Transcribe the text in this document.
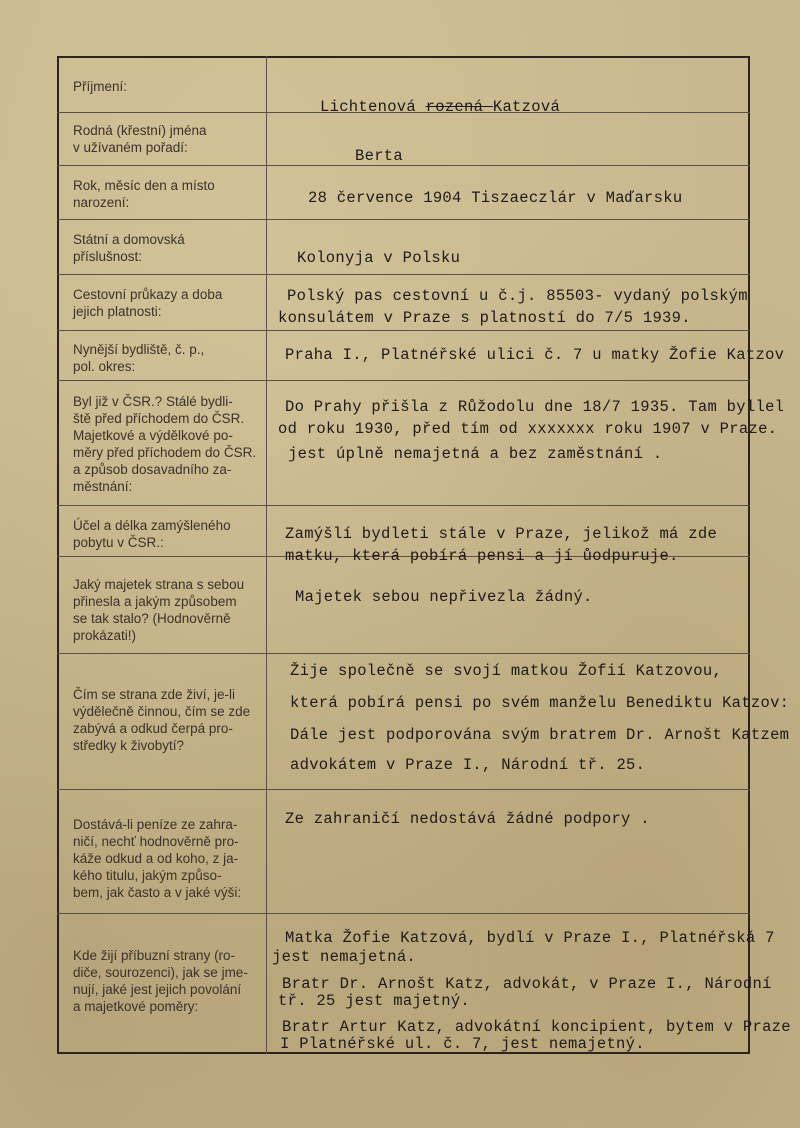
Příjmení:
Rodná (křestní) jména
v užívaném pořadí:
Rok, měsíc den a místo
narození:
Státní a domovská
příslušnost:
Cestovní průkazy a doba
jejich platnosti:
Nynější bydliště, č. p.,
pol. okres:
Byl již v ČSR.? Stálé bydli-
ště před příchodem do ČSR.
Majetkové a výdělkové po-
měry před příchodem do ČSR.
a způsob dosavadního za-
městnání:
Účel a délka zamýšleného
pobytu v ČSR.:
Jaký majetek strana s sebou
přinesla a jakým způsobem
se tak stalo? (Hodnověrně
prokázati!)
Čím se strana zde živí, je-li
výdělečně činnou, čím se zde
zabývá a odkud čerpá pro-
středky k živobytí?
Dostává-li peníze ze zahra-
ničí, nechť hodnověrně pro-
káže odkud a od koho, z ja-
kého titulu, jakým způso-
bem, jak často a v jaké výši:
Kde žijí příbuzní strany (ro-
diče, sourozenci), jak se jme-
nují, jaké jest jejich povolání
a majetkové poměry:
Lichtenová rozená Katzová
Berta
28 července 1904 Tiszaeczlár v Maďarsku
Kolonyja v Polsku
Polský pas cestovní u č.j. 85503- vydaný polským
konsulátem v Praze s platností do 7/5 1939.
Praha I., Platnéřské ulici č. 7 u matky Žofie Katzov
Do Prahy přišla z Růžodolu dne 18/7 1935. Tam byllel
od roku 1930, před tím od xxxxxxx roku 1907 v Praze.
jest úplně nemajetná a bez zaměstnání .
Zamýšlí bydleti stále v Praze, jelikož má zde
matku, která pobírá pensi a jí ůodpuruje.
Majetek sebou nepřivezla žádný.
Žije společně se svojí matkou Žofií Katzovou,
která pobírá pensi po svém manželu Benediktu Katzov:
Dále jest podporována svým bratrem Dr. Arnošt Katzem
advokátem v Praze I., Národní tř. 25.
Ze zahraničí nedostává žádné podpory .
Matka Žofie Katzová, bydlí v Praze I., Platnéřská 7
jest nemajetná.
Bratr Dr. Arnošt Katz, advokát, v Praze I., Národní
tř. 25 jest majetný.
Bratr Artur Katz, advokátní koncipient, bytem v Praze
I Platnéřské ul. č. 7, jest nemajetný.
